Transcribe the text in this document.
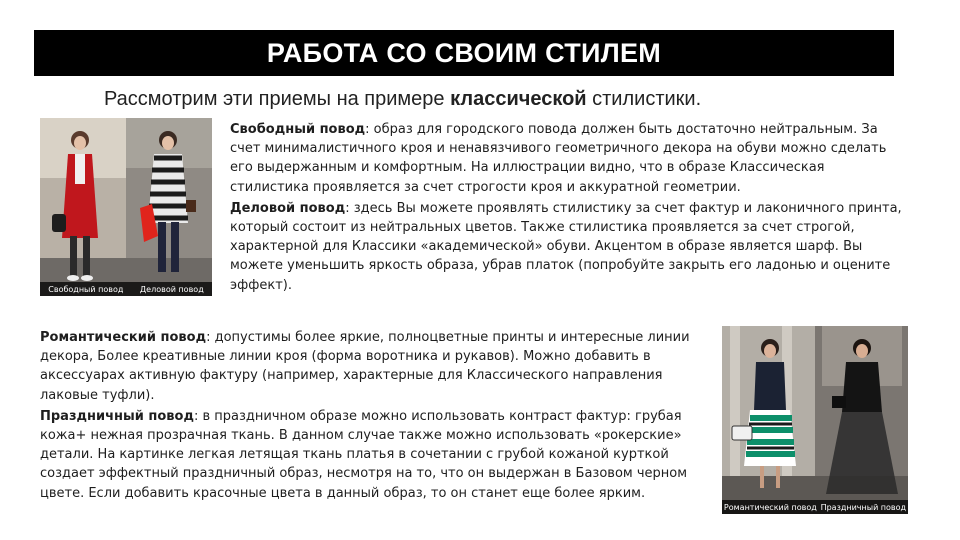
РАБОТА СО СВОИМ СТИЛЕМ
Рассмотрим эти приемы на примере классической стилистики.
Свободный повод Деловой повод

Свободный повод: образ для городского повода должен быть достаточно нейтральным. За счет минималистичного кроя и ненавязчивого геометричного декора на обуви можно сделать его выдержанным и комфортным. На иллюстрации видно, что в образе Классическая стилистика проявляется за счет строгости кроя и аккуратной геометрии.

Деловой повод: здесь Вы можете проявлять стилистику за счет фактур и лаконичного принта, который состоит из нейтральных цветов. Также стилистика проявляется за счет строгой, характерной для Классики «академической» обуви. Акцентом в образе является шарф. Вы можете уменьшить яркость образа, убрав платок (попробуйте закрыть его ладонью и оцените эффект).

Романтический повод: допустимы более яркие, полноцветные принты и интересные линии декора, Более креативные линии кроя (форма воротника и рукавов). Можно добавить в аксессуарах активную фактуру (например, характерные для Классического направления лаковые туфли).

Праздничный повод: в праздничном образе можно использовать контраст фактур: грубая кожа+ нежная прозрачная ткань. В данном случае также можно использовать «рокерские» детали. На картинке легкая летящая ткань платья в сочетании с грубой кожаной курткой создает эффектный праздничный образ, несмотря на то, что он выдержан в Базовом черном цвете. Если добавить красочные цвета в данный образ, то он станет еще более ярким.

Романтический повод Праздничный повод
